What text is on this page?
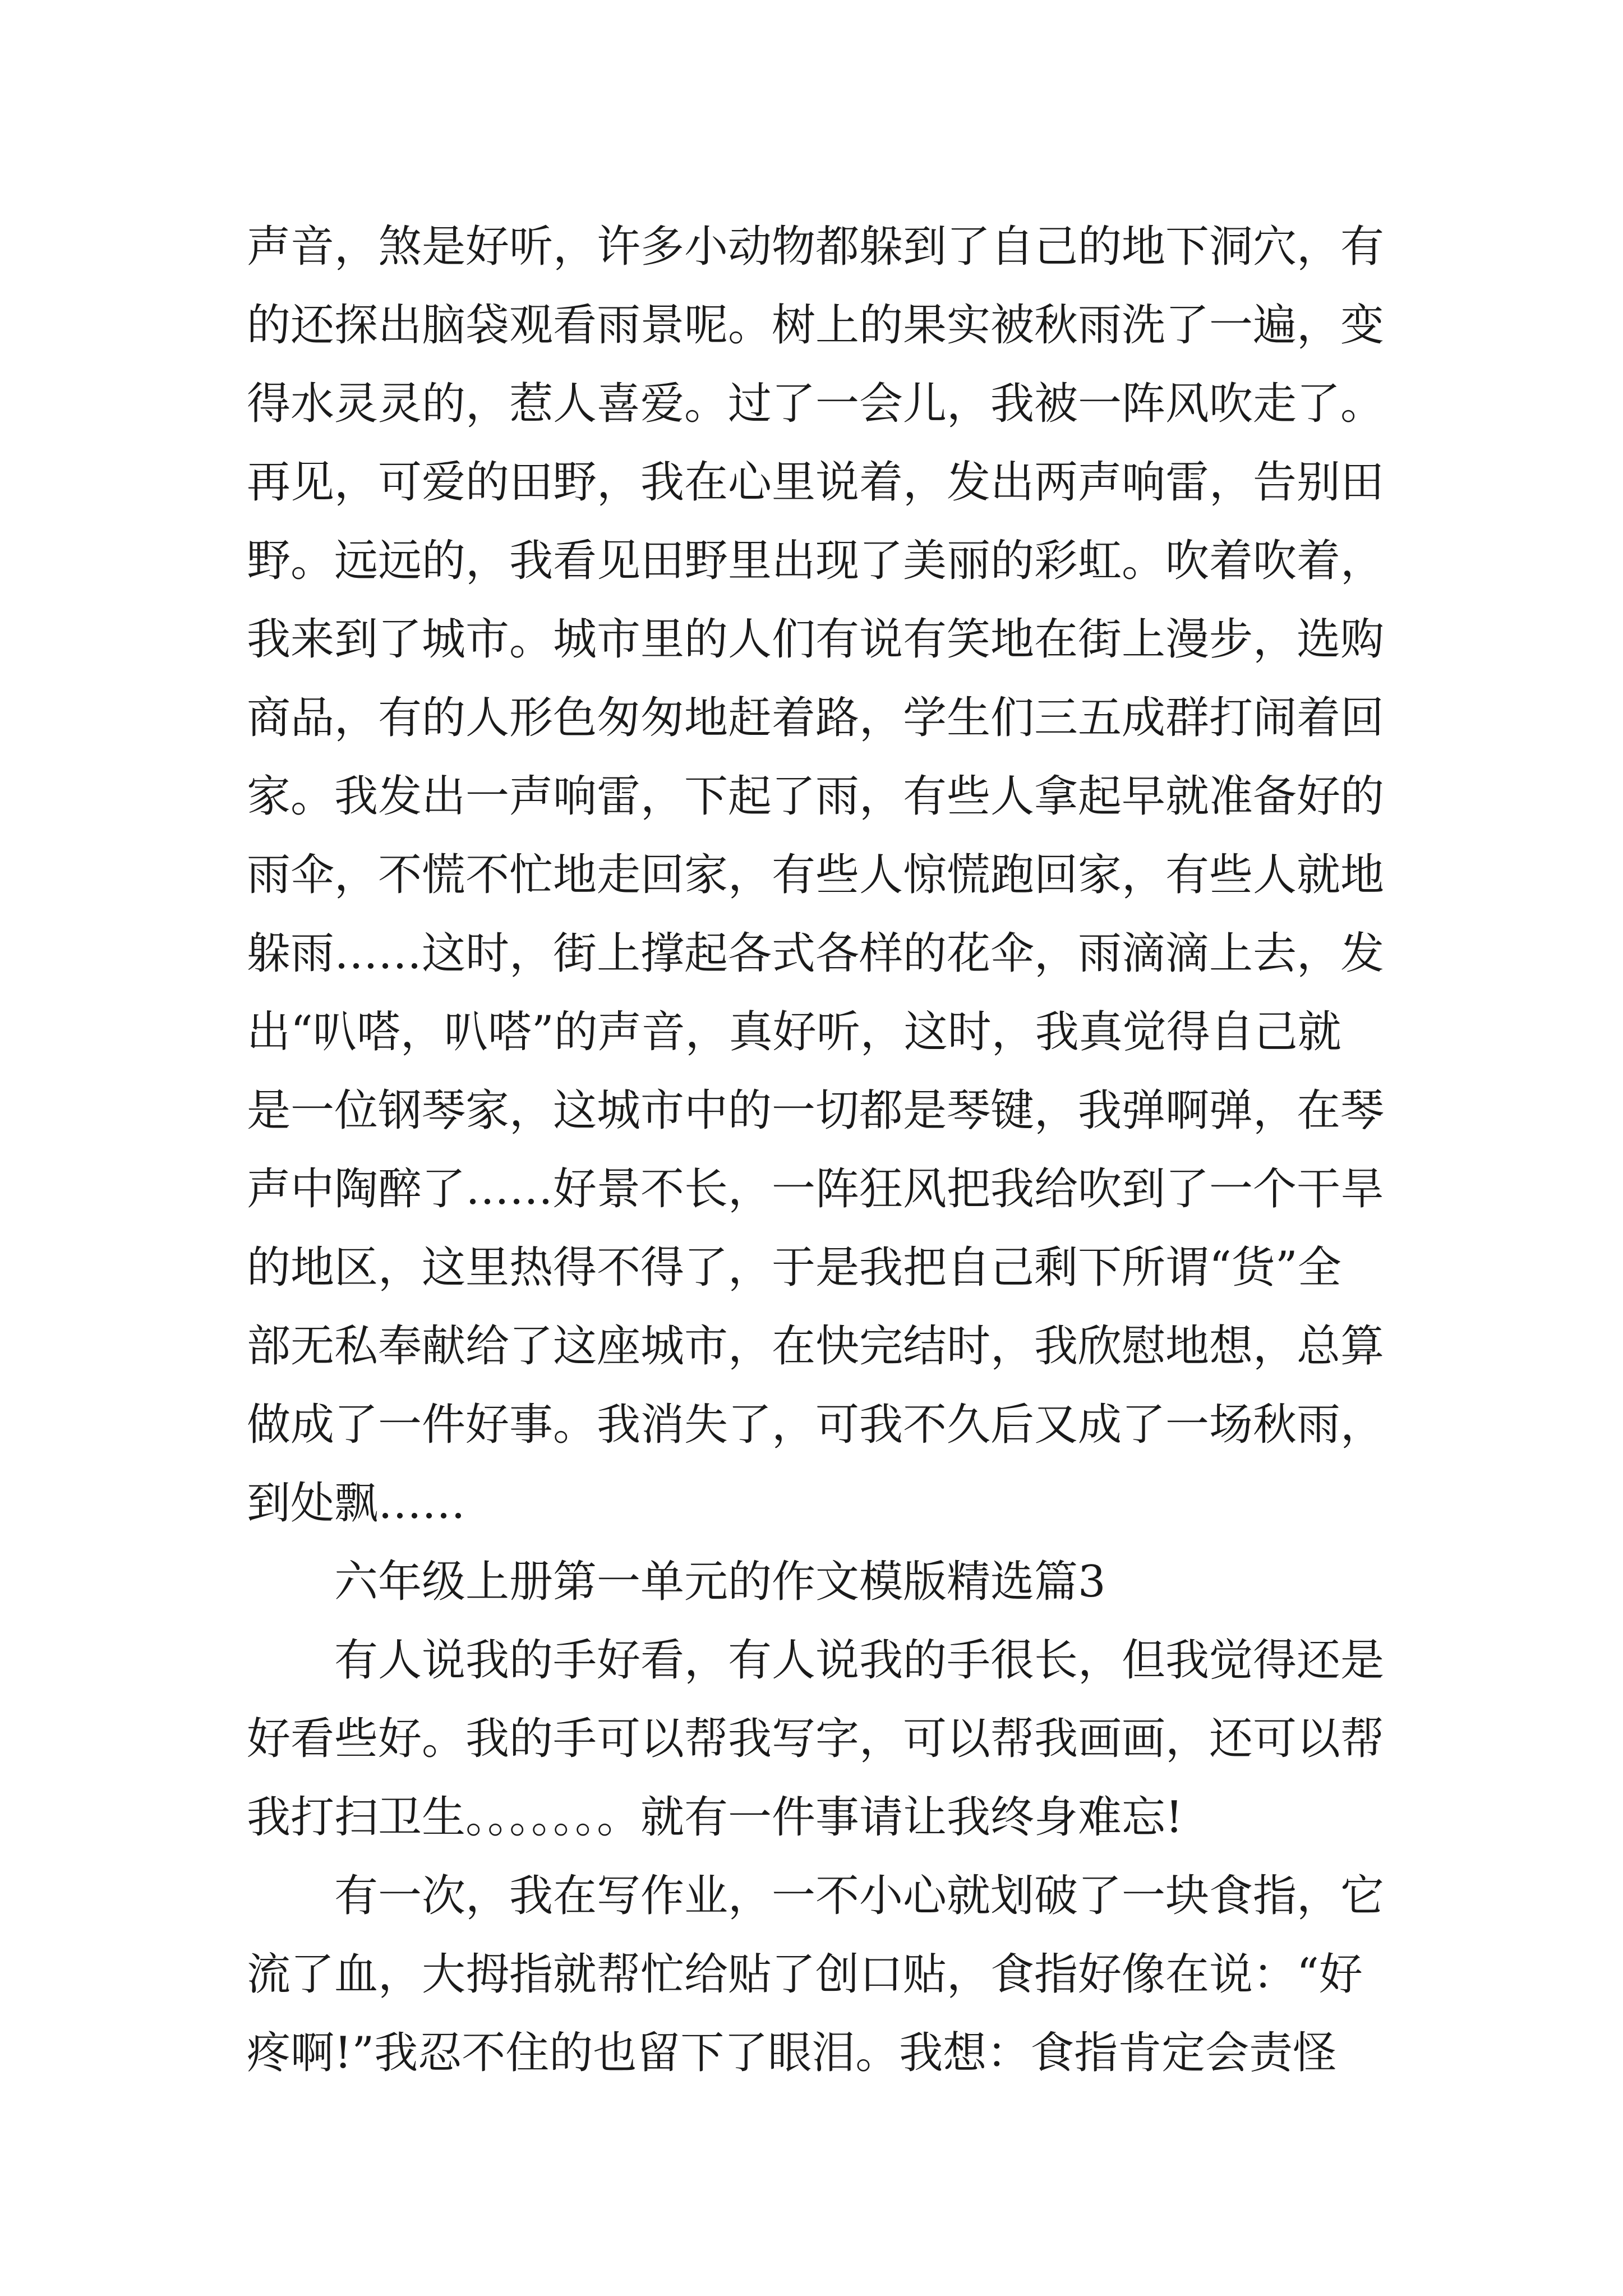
声音，煞是好听，许多小动物都躲到了自己的地下洞穴，有
的还探出脑袋观看雨景呢。树上的果实被秋雨洗了一遍，变
得水灵灵的，惹人喜爱。过了一会儿，我被一阵风吹走了。
再见，可爱的田野，我在心里说着，发出两声响雷，告别田
野。远远的，我看见田野里出现了美丽的彩虹。吹着吹着，
我来到了城市。城市里的人们有说有笑地在街上漫步，选购
商品，有的人形色匆匆地赶着路，学生们三五成群打闹着回
家。我发出一声响雷，下起了雨，有些人拿起早就准备好的
雨伞，不慌不忙地走回家，有些人惊慌跑回家，有些人就地
躲雨……这时，街上撑起各式各样的花伞，雨滴滴上去，发
出“叭嗒，叭嗒”的声音，真好听，这时，我真觉得自己就
是一位钢琴家，这城市中的一切都是琴键，我弹啊弹，在琴
声中陶醉了……好景不长，一阵狂风把我给吹到了一个干旱
的地区，这里热得不得了，于是我把自己剩下所谓“货”全
部无私奉献给了这座城市，在快完结时，我欣慰地想，总算
做成了一件好事。我消失了，可我不久后又成了一场秋雨，
到处飘……
六年级上册第一单元的作文模版精选篇3
有人说我的手好看，有人说我的手很长，但我觉得还是
好看些好。我的手可以帮我写字，可以帮我画画，还可以帮
我打扫卫生。。。。。。。就有一件事请让我终身难忘!
有一次，我在写作业，一不小心就划破了一块食指，它
流了血，大拇指就帮忙给贴了创口贴，食指好像在说：“好
疼啊!”我忍不住的也留下了眼泪。我想：食指肯定会责怪
